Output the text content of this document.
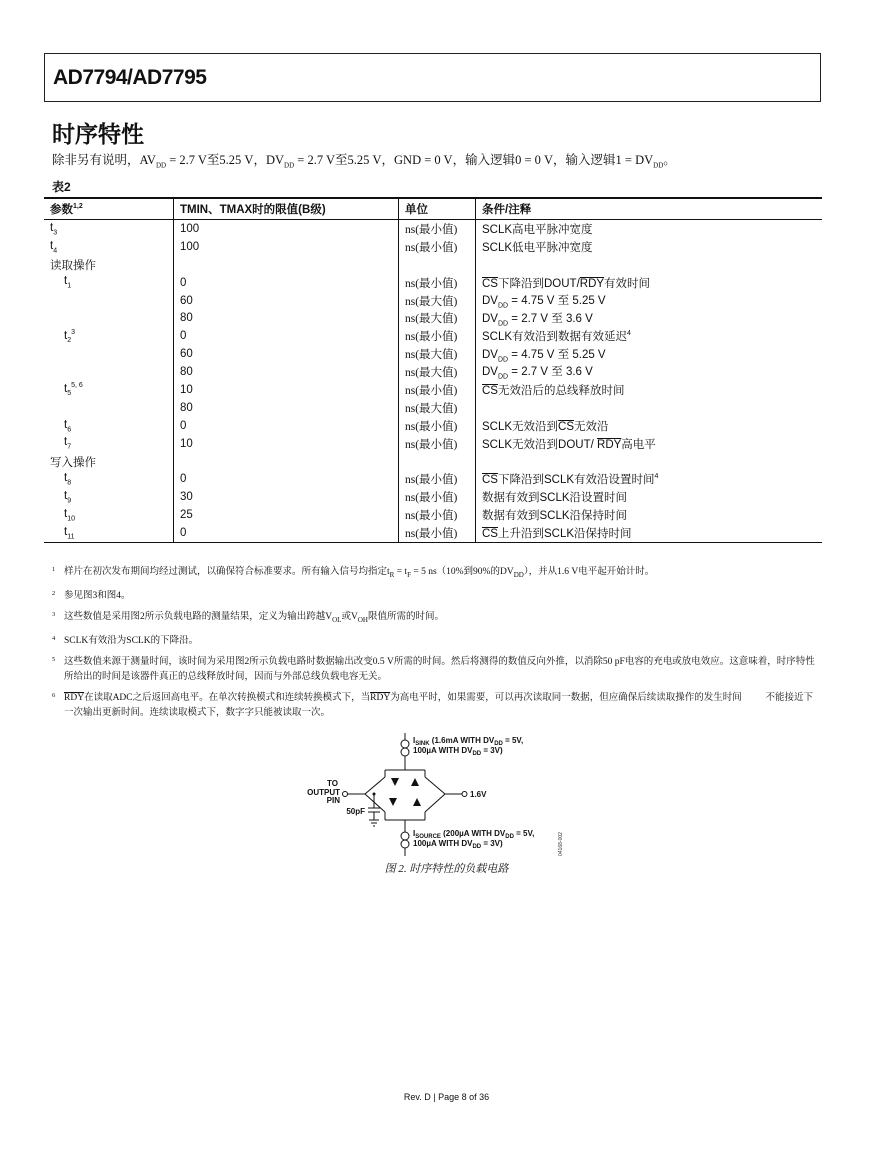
AD7794/AD7795
时序特性
除非另有说明，$AV_{DD} = 2.7$ V至5.25 V，$DV_{DD} = 2.7$ V至5.25 V，GND = 0 V，输入逻辑0 = 0 V，输入逻辑$1 = DV_{DD}$。
表2
参数$^{1,2}$	TMIN、TMAX时的限值(B级)	单位	条件/注释
$t_3$	100	ns(最小值)	SCLK高电平脉冲宽度
$t_4$	100	ns(最小值)	SCLK低电平脉冲宽度
读取操作			
$t_1$	0	ns(最小值)	$\overline{CS}$下降沿到DOUT/$\overline{RDY}$有效时间
	60	ns(最大值)	$DV_{DD} = 4.75$ V 至 5.25 V
	80	ns(最大值)	$DV_{DD} = 2.7$ V 至 3.6 V
$t_2^3$	0	ns(最小值)	SCLK有效沿到数据有效延迟$^4$
	60	ns(最大值)	$DV_{DD} = 4.75$ V 至 5.25 V
	80	ns(最大值)	$DV_{DD} = 2.7$ V 至 3.6 V
$t_5^{5, 6}$	10	ns(最小值)	$\overline{CS}$无效沿后的总线释放时间
	80	ns(最大值)	
$t_6$	0	ns(最小值)	SCLK无效沿到$\overline{CS}$无效沿
$t_7$	10	ns(最小值)	SCLK无效沿到DOUT/ $\overline{RDY}$高电平
写入操作			
$t_8$	0	ns(最小值)	$\overline{CS}$下降沿到SCLK有效沿设置时间$^4$
$t_9$	30	ns(最小值)	数据有效到SCLK沿设置时间
$t_{10}$	25	ns(最小值)	数据有效到SCLK沿保持时间
$t_{11}$	0	ns(最小值)	$\overline{CS}$上升沿到SCLK沿保持时间
1 样片在初次发布期间均经过测试，以确保符合标准要求。所有输入信号均指定$t_R = t_F = 5$ ns（10%到90%的$DV_{DD}$），并从1.6 V电平起开始计时。
2 参见图3和图4。
3 这些数值是采用图2所示负载电路的测量结果，定义为输出跨越$V_{OL}$或$V_{OH}$限值所需的时间。
4 SCLK有效沿为SCLK的下降沿。
5 这些数值来源于测量时间，该时间为采用图2所示负载电路时数据输出改变0.5 V所需的时间。然后将测得的数值反向外推，以消除50 pF电容的充电或放电效应。这意味着，时序特性所给出的时间是该器件真正的总线释放时间，因而与外部总线负载电容无关。
6 $\overline{RDY}$在读取ADC之后返回高电平。在单次转换模式和连续转换模式下，当$\overline{RDY}$为高电平时，如果需要，可以再次读取同一数据，但应确保后续读取操作的发生时间          不能接近下一次输出更新时间。连续读取模式下，数字字只能被读取一次。
$I_{SINK}$ (1.6mA WITH $DV_{DD} = 5V$,
100µA WITH $DV_{DD} = 3V$)
TO
OUTPUT
PIN
50pF
1.6V
$I_{SOURCE}$ (200µA WITH $DV_{DD} = 5V$,
100µA WITH $DV_{DD} = 3V$)	04168-002
图 2. 时序特性的负载电路
Rev. D | Page 8 of 36
